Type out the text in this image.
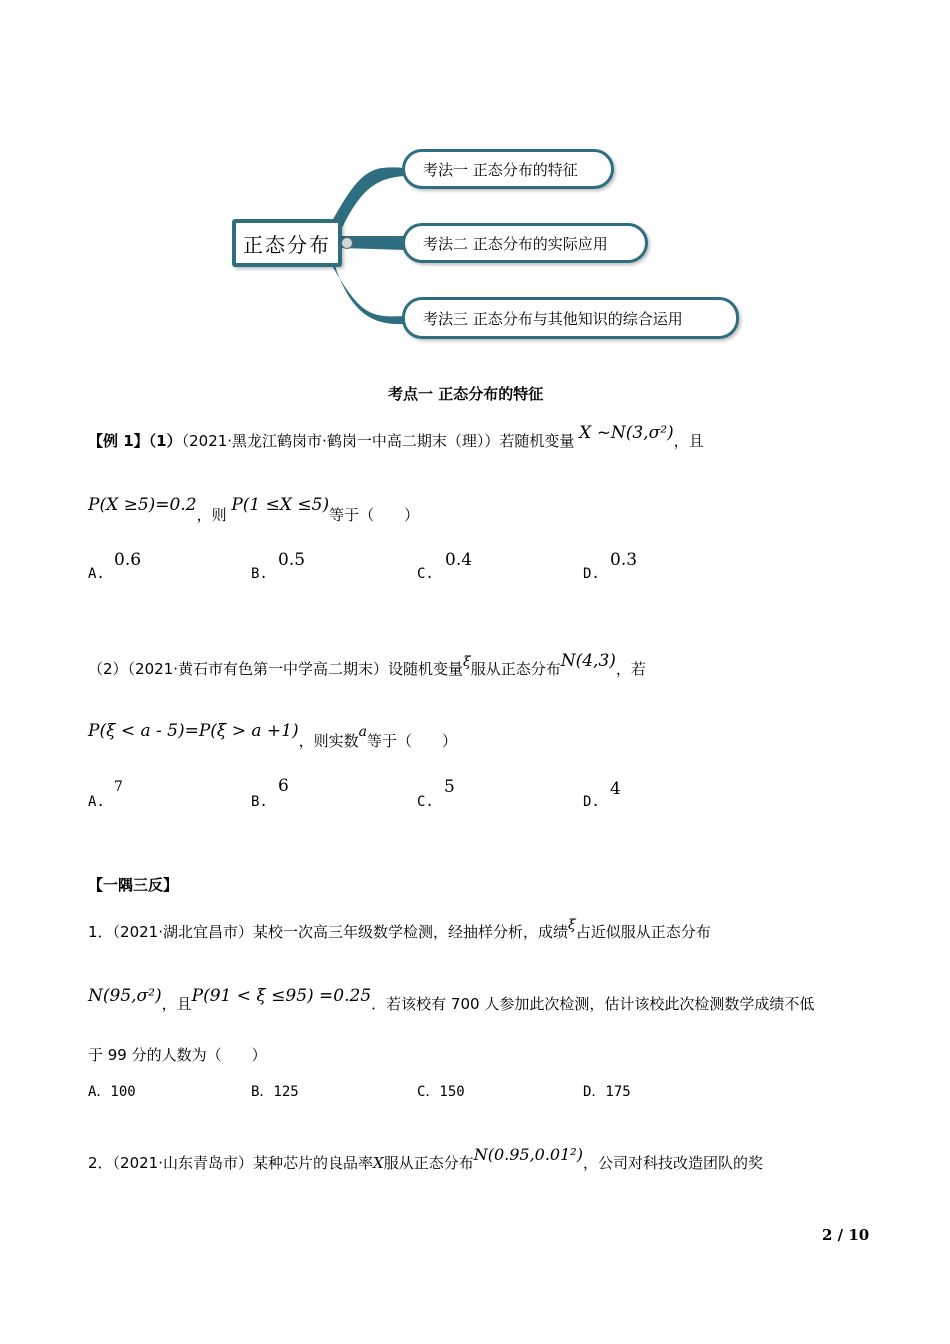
正态分布
考法一 正态分布的特征
考法二 正态分布的实际应用
考法三 正态分布与其他知识的综合运用
考点一 正态分布的特征
【例 1】（1）（2021·黑龙江鹤岗市·鹤岗一中高二期末（理））若随机变量 X ~N(3,σ²)，且
P(X ≥5)=0.2，则 P(1 ≤X ≤5)等于（　　）
A.
0.6
B.
0.5
C.
0.4
D.
0.3
（2）（2021·黄石市有色第一中学高二期末）设随机变量ξ服从正态分布N(4,3)，若
P(ξ < a - 5)=P(ξ > a +1)，则实数a等于（　　）
A.
7
B.
6
C.
5
D.
4
【一隅三反】
1．（2021·湖北宜昌市）某校一次高三年级数学检测，经抽样分析，成绩ξ占近似服从正态分布
N(95,σ²)，且P(91 < ξ ≤95) =0.25．若该校有 700 人参加此次检测，估计该校此次检测数学成绩不低
于 99 分的人数为（　　）
A．100	B．125	C．150	D．175
2．（2021·山东青岛市）某种芯片的良品率X服从正态分布N(0.95,0.01²)，公司对科技改造团队的奖
2 / 10
